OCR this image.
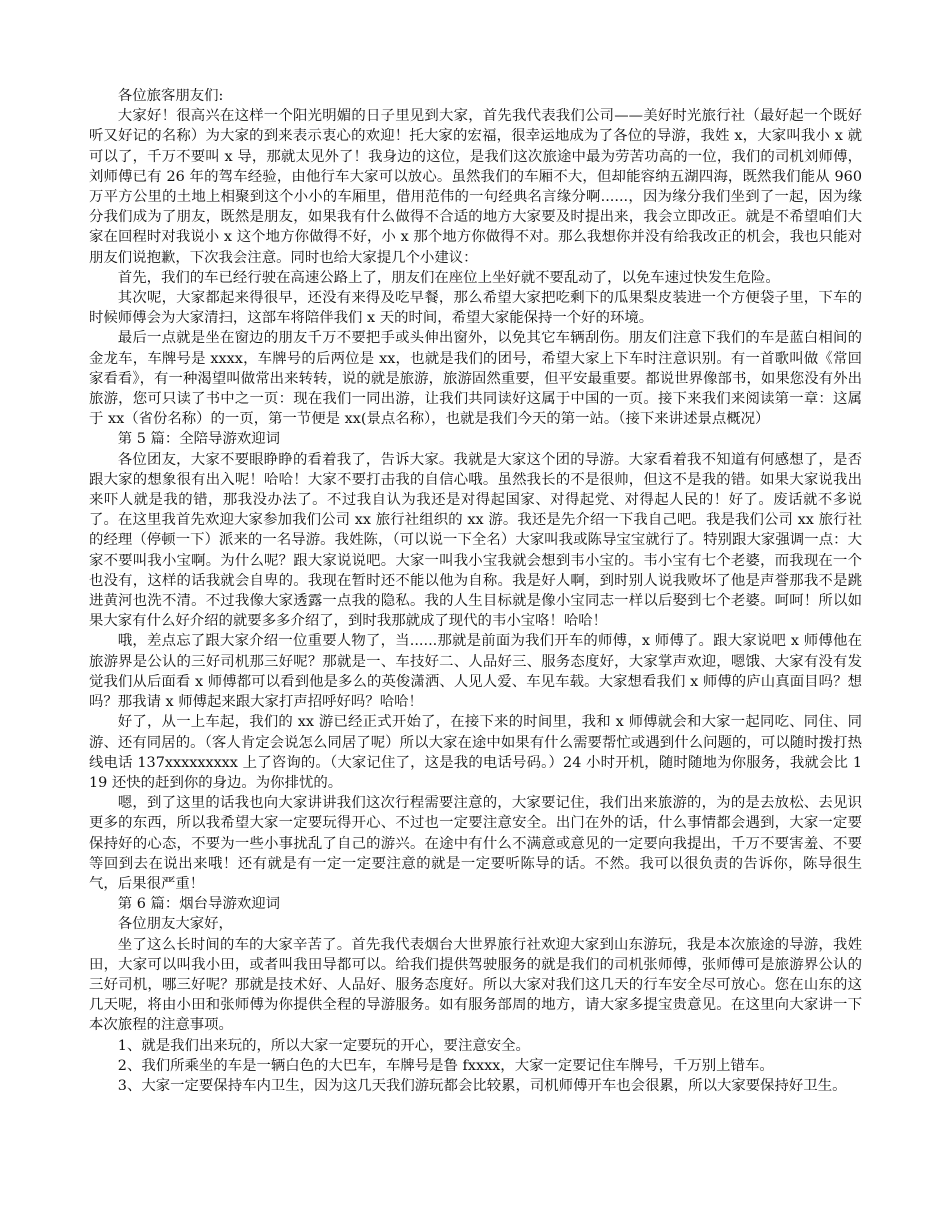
各位旅客朋友们:

大家好！很高兴在这样一个阳光明媚的日子里见到大家，首先我代表我们公司——美好时光旅行社（最好起一个既好听又好记的名称）为大家的到来表示衷心的欢迎！托大家的宏福，很幸运地成为了各位的导游，我姓 x，大家叫我小 x 就可以了，千万不要叫 x 导，那就太见外了！我身边的这位，是我们这次旅途中最为劳苦功高的一位，我们的司机刘师傅，刘师傅已有 26 年的驾车经验，由他行车大家可以放心。虽然我们的车厢不大，但却能容纳五湖四海，既然我们能从 960 万平方公里的土地上相聚到这个小小的车厢里，借用范伟的一句经典名言缘分啊......，因为缘分我们坐到了一起，因为缘分我们成为了朋友，既然是朋友，如果我有什么做得不合适的地方大家要及时提出来，我会立即改正。就是不希望咱们大家在回程时对我说小 x 这个地方你做得不好，小 x 那个地方你做得不对。那么我想你并没有给我改正的机会，我也只能对朋友们说抱歉，下次我会注意。同时也给大家提几个小建议：

首先，我们的车已经行驶在高速公路上了，朋友们在座位上坐好就不要乱动了，以免车速过快发生危险。

其次呢，大家都起来得很早，还没有来得及吃早餐，那么希望大家把吃剩下的瓜果梨皮装进一个方便袋子里，下车的时候师傅会为大家清扫，这部车将陪伴我们 x 天的时间，希望大家能保持一个好的环境。

最后一点就是坐在窗边的朋友千万不要把手或头伸出窗外，以免其它车辆刮伤。朋友们注意下我们的车是蓝白相间的金龙车，车牌号是 xxxx，车牌号的后两位是 xx，也就是我们的团号，希望大家上下车时注意识别。有一首歌叫做《常回家看看》，有一种渴望叫做常出来转转，说的就是旅游，旅游固然重要，但平安最重要。都说世界像部书，如果您没有外出旅游，您可只读了书中之一页：现在我们一同出游，让我们共同读好这属于中国的一页。接下来我们来阅读第一章：这属于 xx（省份名称）的一页，第一节便是 xx(景点名称），也就是我们今天的第一站。（接下来讲述景点概况）

第 5 篇：全陪导游欢迎词

各位团友，大家不要眼睁睁的看着我了，告诉大家。我就是大家这个团的导游。大家看着我不知道有何感想了，是否跟大家的想象很有出入呢！哈哈！大家不要打击我的自信心哦。虽然我长的不是很帅，但这不是我的错。如果大家说我出来吓人就是我的错，那我没办法了。不过我自认为我还是对得起国家、对得起党、对得起人民的！好了。废话就不多说了。在这里我首先欢迎大家参加我们公司 xx 旅行社组织的 xx 游。我还是先介绍一下我自己吧。我是我们公司 xx 旅行社的经理（停顿一下）派来的一名导游。我姓陈，（可以说一下全名）大家叫我或陈导宝宝就行了。特别跟大家强调一点：大家不要叫我小宝啊。为什么呢？跟大家说说吧。大家一叫我小宝我就会想到韦小宝的。韦小宝有七个老婆，而我现在一个也没有，这样的话我就会自卑的。我现在暂时还不能以他为自称。我是好人啊，到时别人说我败坏了他是声誉那我不是跳进黄河也洗不清。不过我像大家透露一点我的隐私。我的人生目标就是像小宝同志一样以后娶到七个老婆。呵呵！所以如果大家有什么好介绍的就要多多介绍了，到时我那就成了现代的韦小宝咯！哈哈！

哦，差点忘了跟大家介绍一位重要人物了，当......那就是前面为我们开车的师傅，x 师傅了。跟大家说吧 x 师傅他在旅游界是公认的三好司机那三好呢？那就是一、车技好二、人品好三、服务态度好，大家掌声欢迎，嗯饿、大家有没有发觉我们从后面看 x 师傅都可以看到他是多么的英俊潇洒、人见人爱、车见车载。大家想看我们 x 师傅的庐山真面目吗？想吗？那我请 x 师傅起来跟大家打声招呼好吗？哈哈！

好了，从一上车起，我们的 xx 游已经正式开始了，在接下来的时间里，我和 x 师傅就会和大家一起同吃、同住、同游、还有同居的。（客人肯定会说怎么同居了呢）所以大家在途中如果有什么需要帮忙或遇到什么问题的，可以随时拨打热线电话 137xxxxxxxxx 上了咨询的。（大家记住了，这是我的电话号码。）24 小时开机，随时随地为你服务，我就会比 119 还快的赶到你的身边。为你排忧的。

嗯，到了这里的话我也向大家讲讲我们这次行程需要注意的，大家要记住，我们出来旅游的，为的是去放松、去见识更多的东西，所以我希望大家一定要玩得开心、不过也一定要注意安全。出门在外的话，什么事情都会遇到，大家一定要保持好的心态，不要为一些小事扰乱了自己的游兴。在途中有什么不满意或意见的一定要向我提出，千万不要害羞、不要等回到去在说出来哦！还有就是有一定一定要注意的就是一定要听陈导的话。不然。我可以很负责的告诉你，陈导很生气，后果很严重！

第 6 篇：烟台导游欢迎词

各位朋友大家好，

坐了这么长时间的车的大家辛苦了。首先我代表烟台大世界旅行社欢迎大家到山东游玩，我是本次旅途的导游，我姓田，大家可以叫我小田，或者叫我田导都可以。给我们提供驾驶服务的就是我们的司机张师傅，张师傅可是旅游界公认的三好司机，哪三好呢？那就是技术好、人品好、服务态度好。所以大家对我们这几天的行车安全尽可放心。您在山东的这几天呢，将由小田和张师傅为你提供全程的导游服务。如有服务部周的地方，请大家多提宝贵意见。在这里向大家讲一下本次旅程的注意事项。

1、就是我们出来玩的，所以大家一定要玩的开心，要注意安全。

2、我们所乘坐的车是一辆白色的大巴车，车牌号是鲁 fxxxx，大家一定要记住车牌号，千万别上错车。

3、大家一定要保持车内卫生，因为这几天我们游玩都会比较累，司机师傅开车也会很累，所以大家要保持好卫生。
